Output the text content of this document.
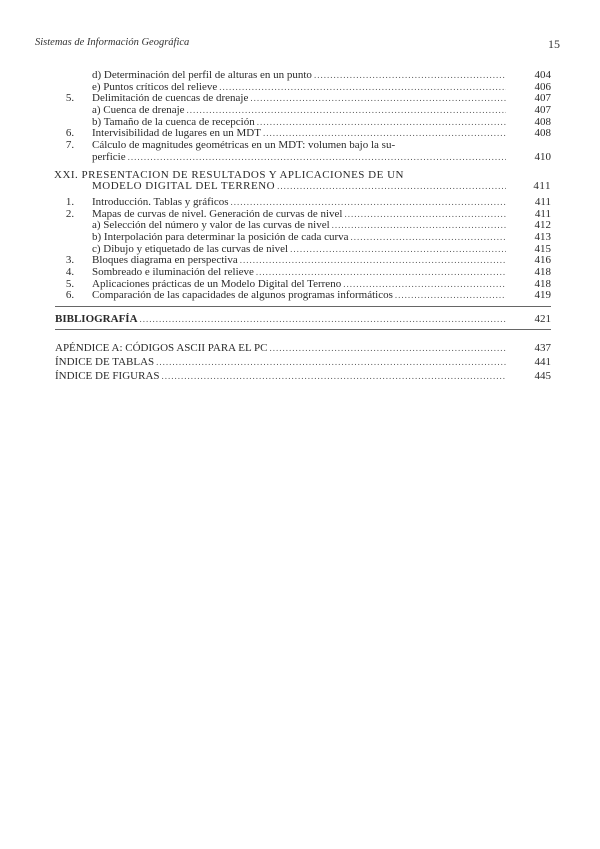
Sistemas de Información Geográfica	15
d) Determinación del perfil de alturas en un punto .....	404
e) Puntos críticos del relieve .....	406
5.	Delimitación de cuencas de drenaje .....	407
a) Cuenca de drenaje .....	407
b) Tamaño de la cuenca de recepción .....	408
6.	Intervisibilidad de lugares en un MDT .....	408
7.	Cálculo de magnitudes geométricas en un MDT: volumen bajo la su-
perficie .....	410
XXI. PRESENTACIÓN DE RESULTADOS Y APLICACIONES DE UN
MODELO DIGITAL DEL TERRENO .....	411
1.	Introducción. Tablas y gráficos .....	411
2.	Mapas de curvas de nivel. Generación de curvas de nivel .....	411
a) Selección del número y valor de las curvas de nivel .....	412
b) Interpolación para determinar la posición de cada curva .....	413
c) Dibujo y etiquetado de las curvas de nivel .....	415
3.	Bloques diagrama en perspectiva .....	416
4.	Sombreado e iluminación del relieve .....	418
5.	Aplicaciones prácticas de un Modelo Digital del Terreno .....	418
6.	Comparación de las capacidades de algunos programas informáticos .....	419
BIBLIOGRAFÍA .....	421
APÉNDICE A: CÓDIGOS ASCII PARA EL PC .....	437
ÍNDICE DE TABLAS .....	441
ÍNDICE DE FIGURAS .....	445
